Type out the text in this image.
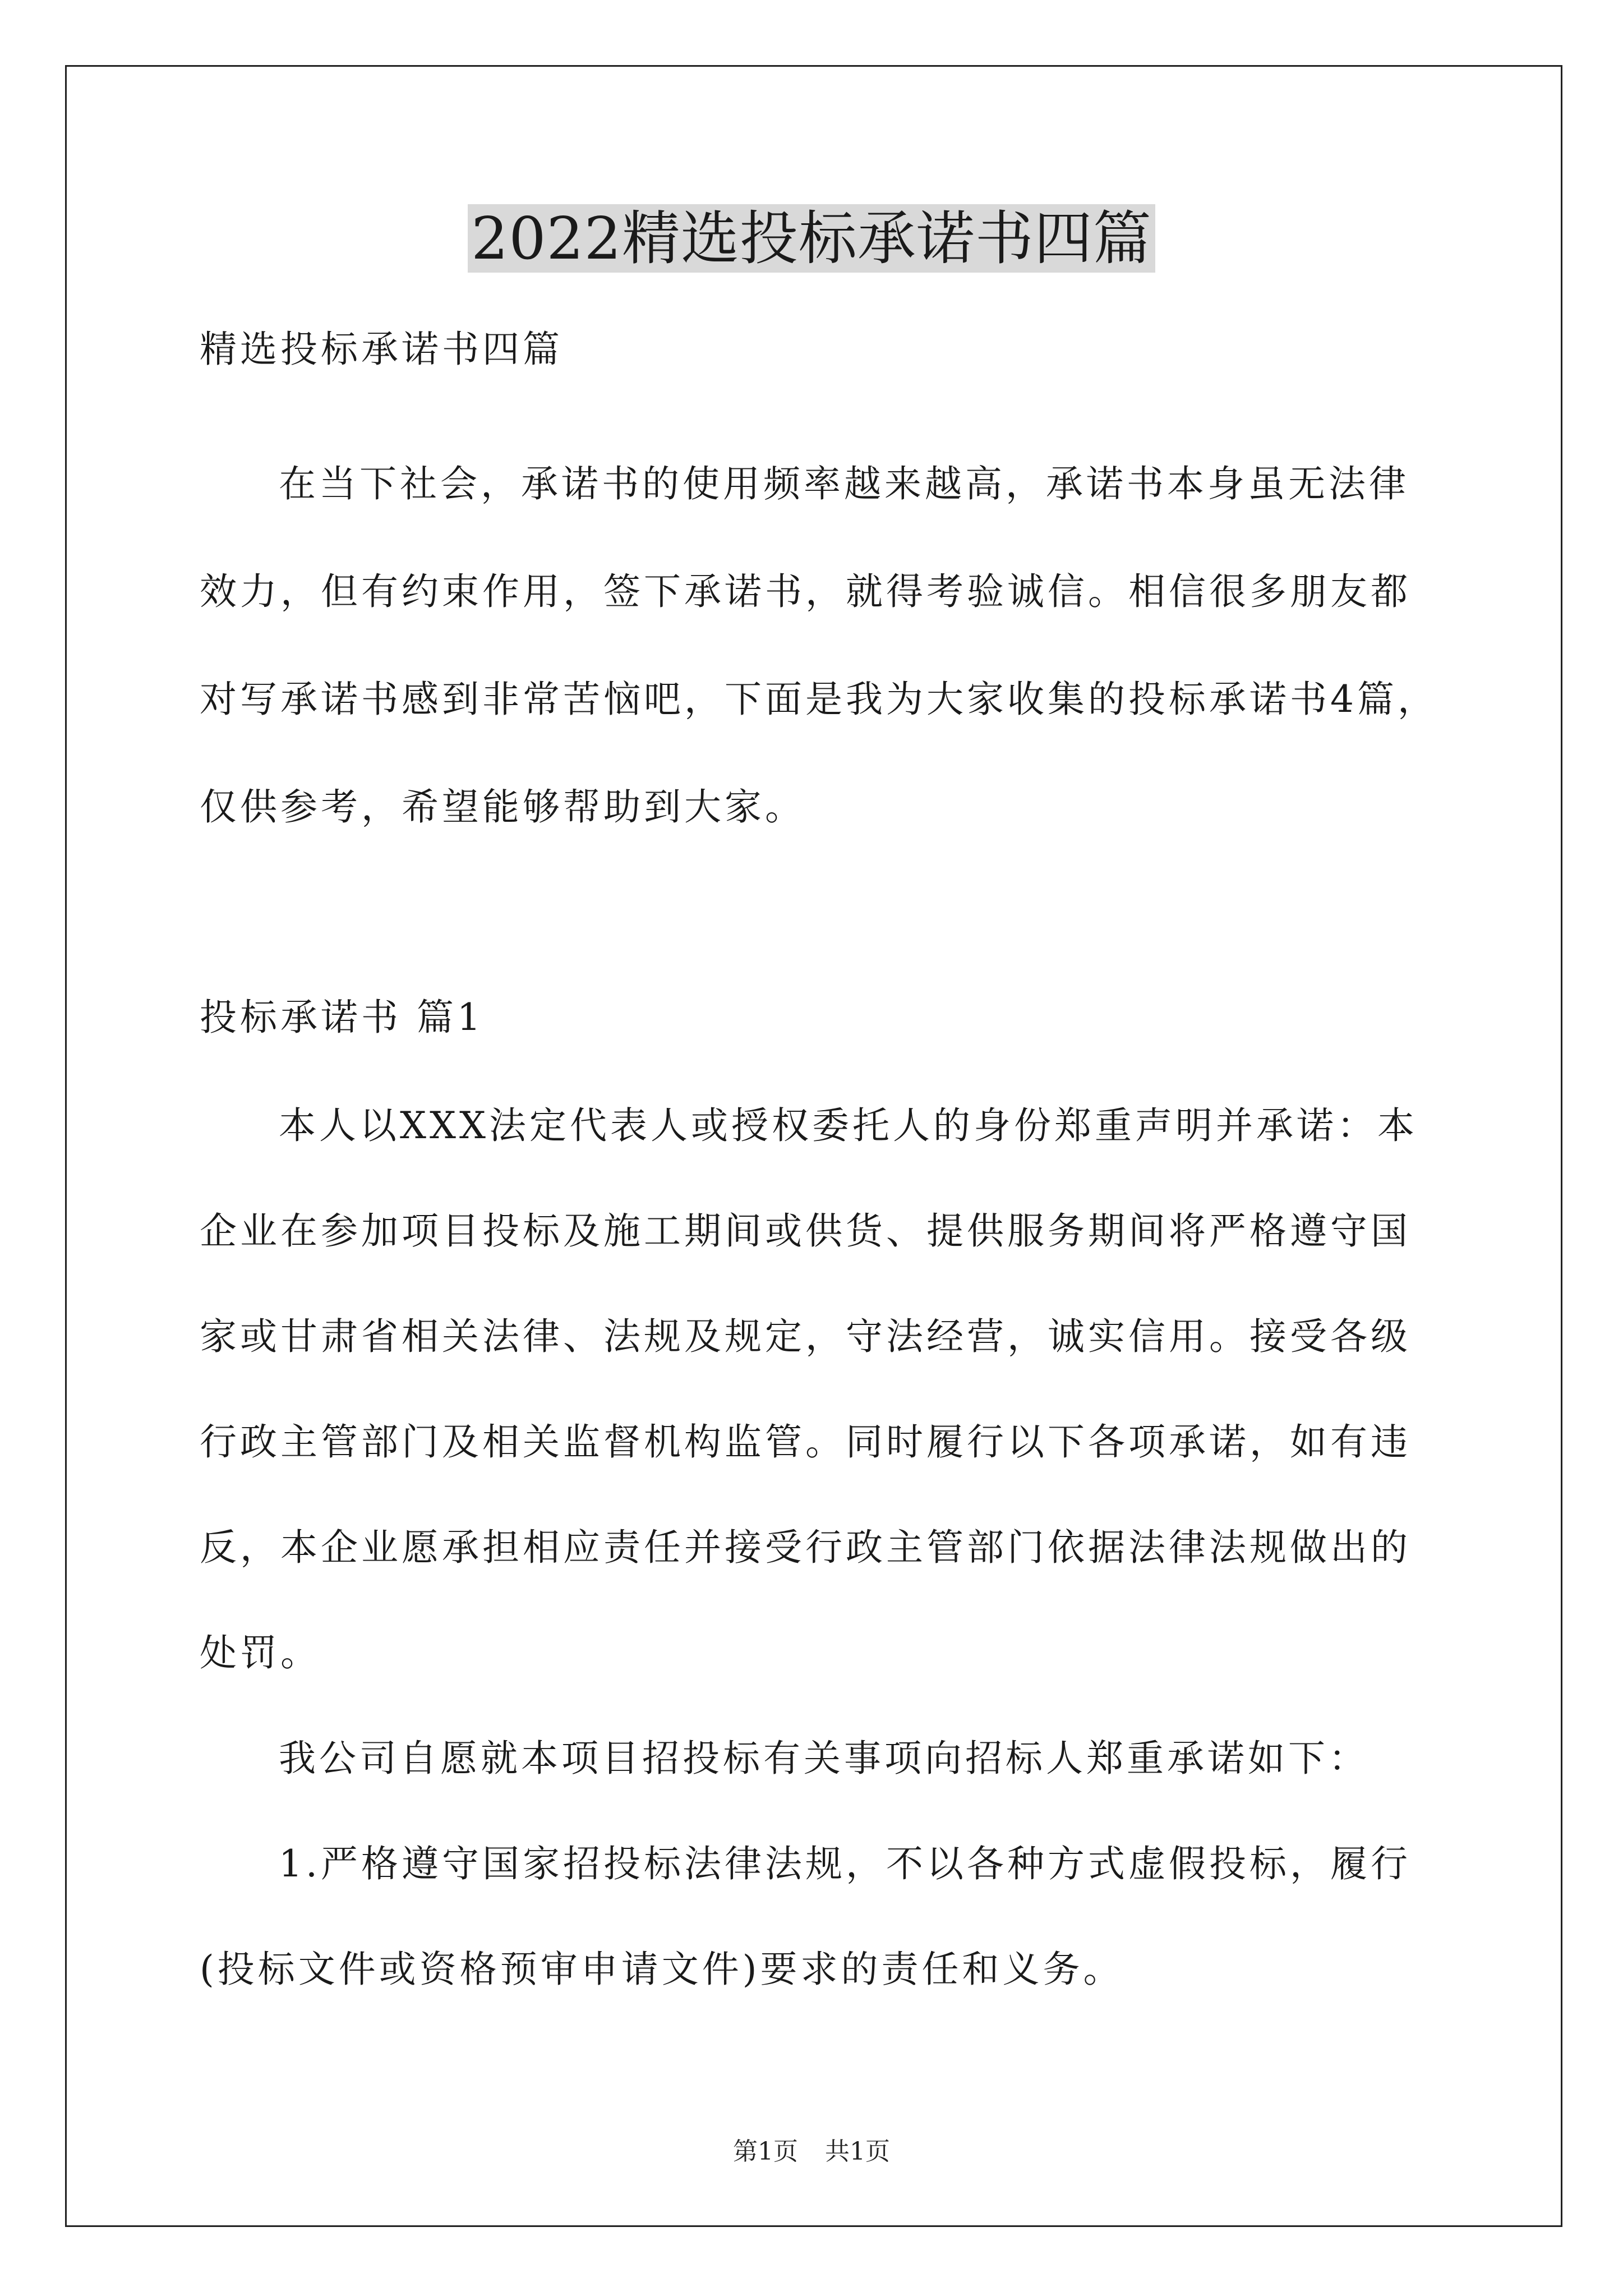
2022精选投标承诺书四篇
精选投标承诺书四篇
在当下社会，承诺书的使用频率越来越高，承诺书本身虽无法律
效力，但有约束作用，签下承诺书，就得考验诚信。相信很多朋友都
对写承诺书感到非常苦恼吧，下面是我为大家收集的投标承诺书4篇，
仅供参考，希望能够帮助到大家。
投标承诺书 篇1
本人以XXX法定代表人或授权委托人的身份郑重声明并承诺：本
企业在参加项目投标及施工期间或供货、提供服务期间将严格遵守国
家或甘肃省相关法律、法规及规定，守法经营，诚实信用。接受各级
行政主管部门及相关监督机构监管。同时履行以下各项承诺，如有违
反，本企业愿承担相应责任并接受行政主管部门依据法律法规做出的
处罚。
我公司自愿就本项目招投标有关事项向招标人郑重承诺如下：
1.严格遵守国家招投标法律法规，不以各种方式虚假投标，履行
(投标文件或资格预审申请文件)要求的责任和义务。
第1页 共1页
